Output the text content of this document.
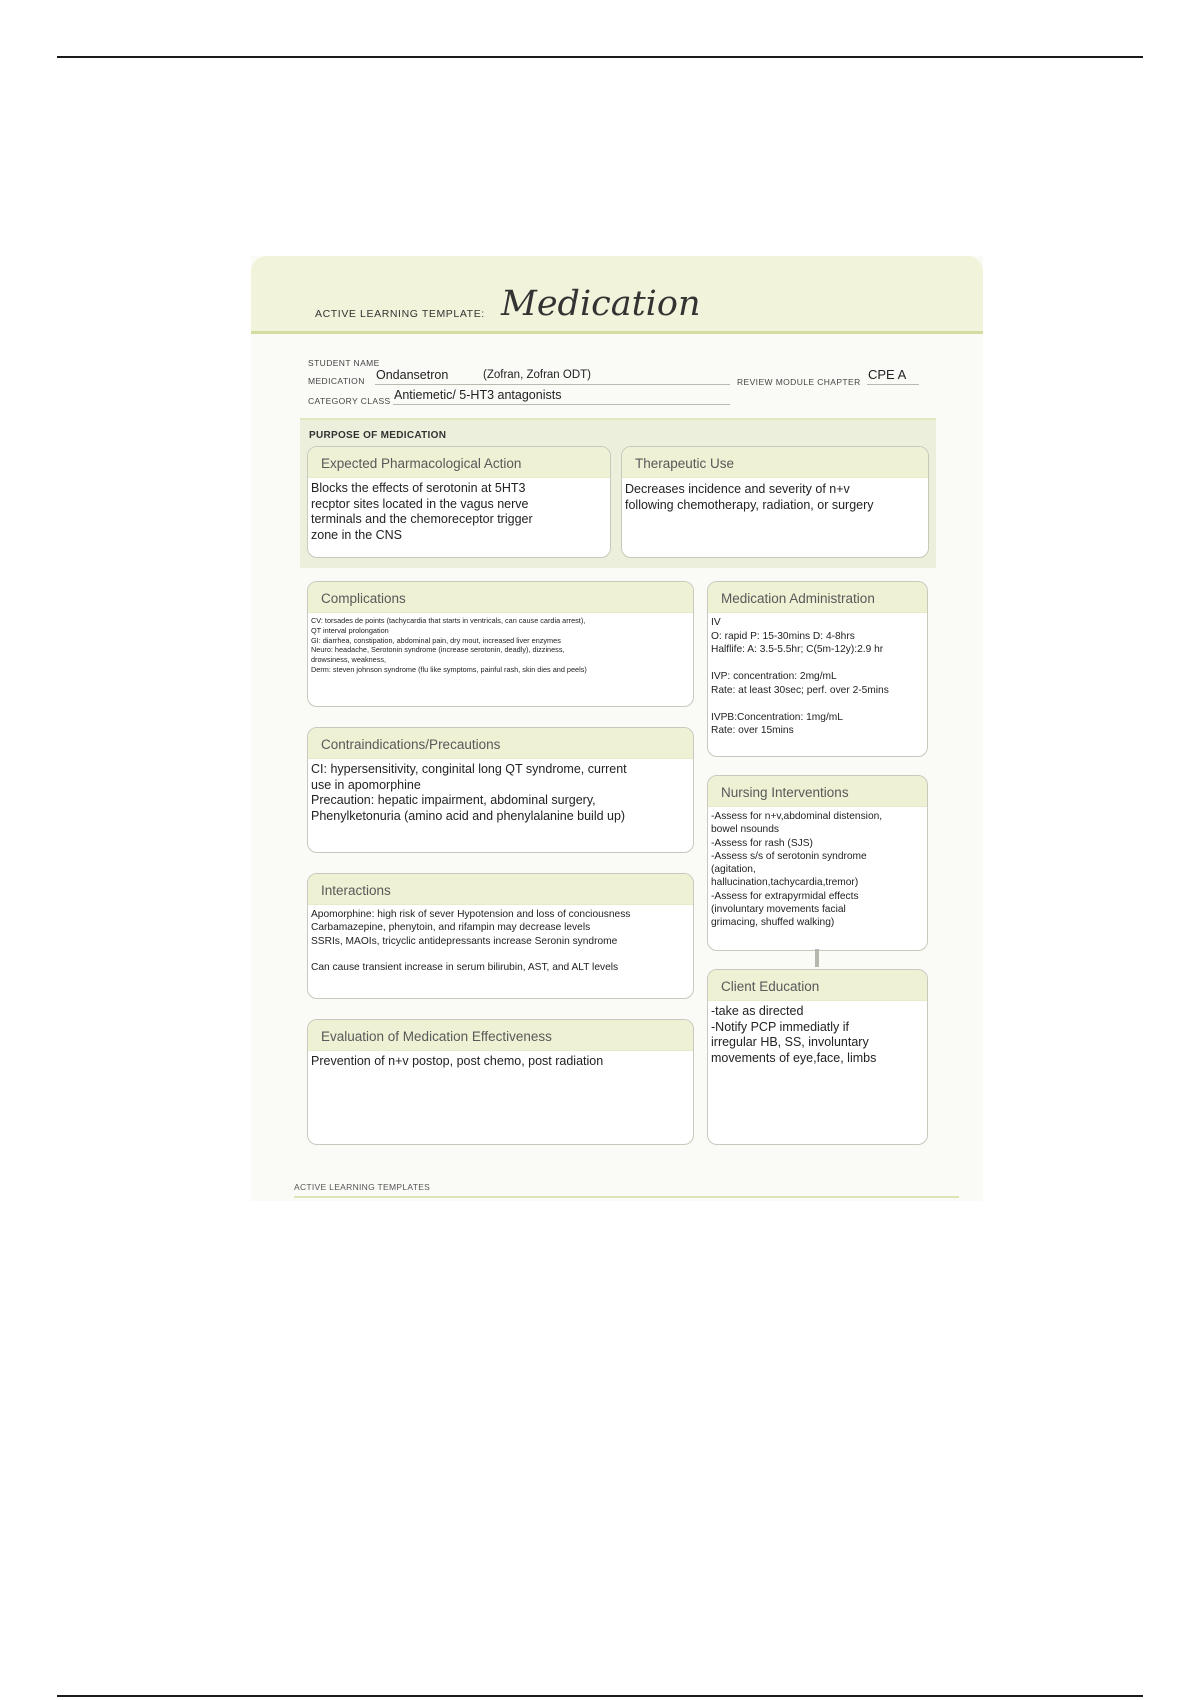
ACTIVE LEARNING TEMPLATE: Medication
STUDENT NAME
MEDICATION Ondansetron	(Zofran, Zofran ODT)
REVIEW MODULE CHAPTER CPE A
CATEGORY CLASS Antiemetic/ 5-HT3 antagonists
PURPOSE OF MEDICATION
Expected Pharmacological Action
Blocks the effects of serotonin at 5HT3
recptor sites located in the vagus nerve
terminals and the chemoreceptor trigger
zone in the CNS
Therapeutic Use
Decreases incidence and severity of n+v
following chemotherapy, radiation, or surgery
Complications
CV: torsades de points (tachycardia that starts in ventricals, can cause cardia arrest),
QT interval prolongation
GI: diarrhea, constipation, abdominal pain, dry mout, increased liver enzymes
Neuro: headache, Serotonin syndrome (increase serotonin, deadly), dizziness,
drowsiness, weakness,
Derm: steven johnson syndrome (flu like symptoms, painful rash, skin dies and peels)
Medication Administration
IV
O: rapid P: 15-30mins D: 4-8hrs
Halflife: A: 3.5-5.5hr; C(5m-12y):2.9 hr

IVP: concentration: 2mg/mL
Rate: at least 30sec; perf. over 2-5mins

IVPB:Concentration: 1mg/mL
Rate: over 15mins
Contraindications/Precautions
CI: hypersensitivity, conginital long QT syndrome, current
use in apomorphine
Precaution: hepatic impairment, abdominal surgery,
Phenylketonuria (amino acid and phenylalanine build up)
Nursing Interventions
-Assess for n+v,abdominal distension,
bowel nsounds
-Assess for rash (SJS)
-Assess s/s of serotonin syndrome
(agitation,
hallucination,tachycardia,tremor)
-Assess for extrapyrmidal effects
(involuntary movements facial
grimacing, shuffed walking)
Interactions
Apomorphine: high risk of sever Hypotension and loss of conciousness
Carbamazepine, phenytoin, and rifampin may decrease levels
SSRIs, MAOIs, tricyclic antidepressants increase Seronin syndrome

Can cause transient increase in serum bilirubin, AST, and ALT levels
Client Education
-take as directed
-Notify PCP immediatly if
irregular HB, SS, involuntary
movements of eye,face, limbs
Evaluation of Medication Effectiveness
Prevention of n+v postop, post chemo, post radiation
ACTIVE LEARNING TEMPLATES
